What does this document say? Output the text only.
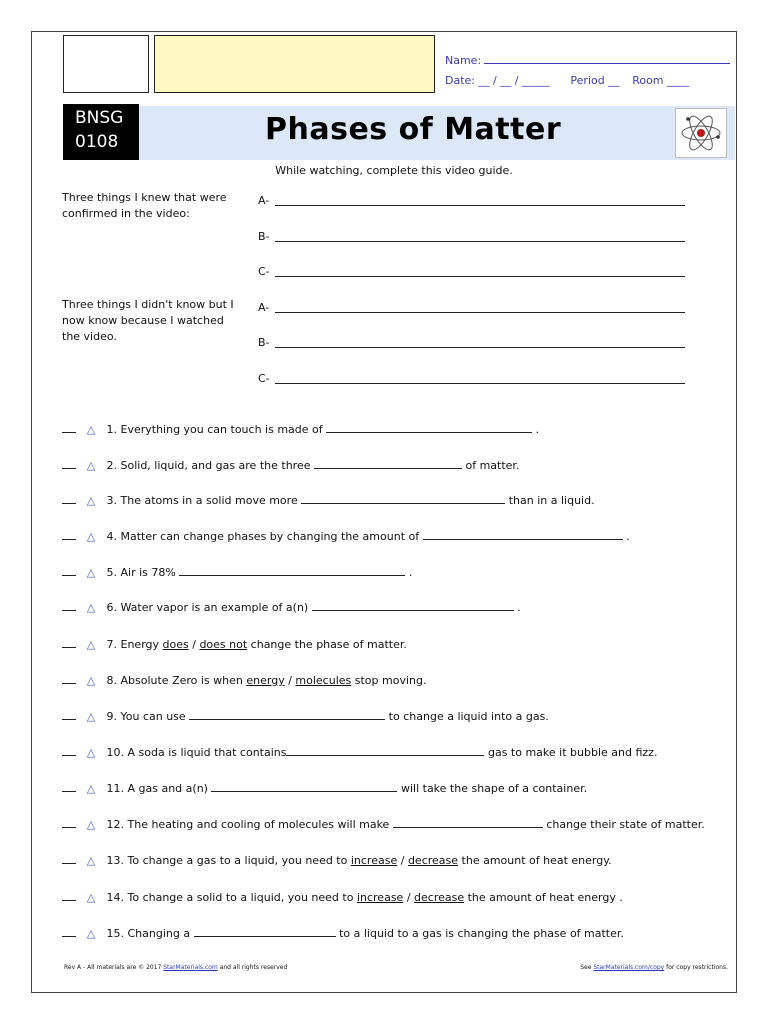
Name:
Date: __ / __ / _____ Period __ Room ____
BNSG
0108	Phases of Matter
While watching, complete this video guide.
Three things I knew that were confirmed in the video:
Three things I didn't know but I now know because I watched the video.
A-
B-
C-
A-
B-
C-
△ 1. Everything you can touch is made of	.
△ 2. Solid, liquid, and gas are the three	of matter.
△ 3. The atoms in a solid move more	than in a liquid.
△ 4. Matter can change phases by changing the amount of	.
△ 5. Air is 78%	.
△ 6. Water vapor is an example of a(n)	.
△ 7. Energy does / does not change the phase of matter.
△ 8. Absolute Zero is when energy / molecules stop moving.
△ 9. You can use	to change a liquid into a gas.
△ 10. A soda is liquid that contains	gas to make it bubble and fizz.
△ 11. A gas and a(n)	will take the shape of a container.
△ 12. The heating and cooling of molecules will make	change their state of matter.
△ 13. To change a gas to a liquid, you need to increase / decrease the amount of heat energy.
△ 14. To change a solid to a liquid, you need to increase / decrease the amount of heat energy .
△ 15. Changing a	to a liquid to a gas is changing the phase of matter.
Rev A - All materials are © 2017 StarMaterials.com and all rights reserved	See StarMaterials.com/copy for copy restrictions.
